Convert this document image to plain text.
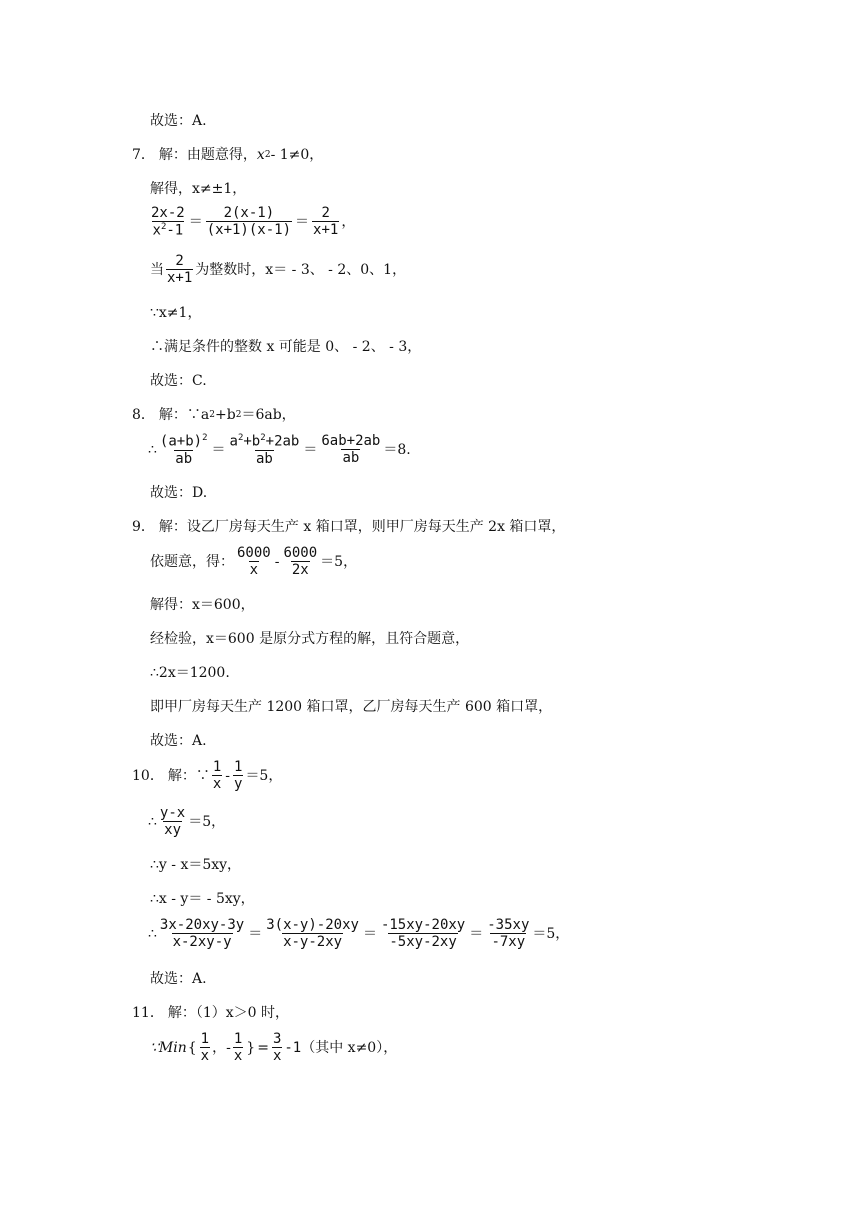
故选：A.
7． 解：由题意得， x 2 - 1≠0，
解得，x≠±1，
$\frac{2x-2}{x^2-1} = \frac{2(x-1)}{(x+1)(x-1)} = \frac{2}{x+1}$ ，
当 $\frac{2}{x+1}$ 为整数时，x＝ - 3、 - 2、0、1，
∵x≠1，
∴满足条件的整数 x 可能是 0、 - 2、 - 3，
故选：C.
8． 解：∵a 2 +b 2 ＝6ab，
∴ $\frac{(a+b)^2}{ab} = \frac{a^2+b^2+2ab}{ab} = \frac{6ab+2ab}{ab} =8$.
故选：D.
9． 解：设乙厂房每天生产 x 箱口罩，则甲厂房每天生产 2x 箱口罩，
依题意，得： $\frac{6000}{x} - \frac{6000}{2x} =5$，
解得：x＝600，
经检验，x＝600 是原分式方程的解，且符合题意，
∴2x＝1200.
即甲厂房每天生产 1200 箱口罩，乙厂房每天生产 600 箱口罩，
故选：A.
10． 解：∵ $\frac{1}{x} - \frac{1}{y} =5$，
∴ $\frac{y-x}{xy} =5$，
∴y - x＝5xy，
∴x - y＝ - 5xy，
∴ $\frac{3x-20xy-3y}{x-2xy-y} = \frac{3(x-y)-20xy}{x-y-2xy} = \frac{-15xy-20xy}{-5xy-2xy} = \frac{-35xy}{-7xy} =5$，
故选：A.
11． 解：（1）x＞0 时，
∵Min { $\frac{1}{x}$ ，- $\frac{1}{x}$ } = $\frac{3}{x} -1$ （其中 x≠0），
